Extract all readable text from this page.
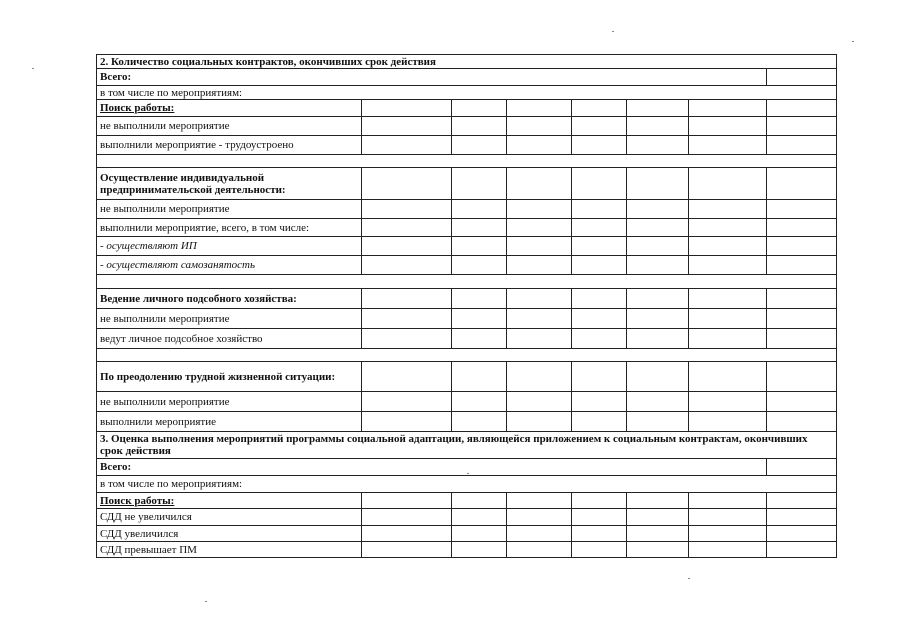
2. Количество социальных контрактов, окончивших срок действия							
Всего:							
в том числе по мероприятиям:							
Поиск работы:							
не выполнили мероприятие							
выполнили мероприятие - трудоустроено							

Осуществление индивидуальной предпринимательской деятельности:							
не выполнили мероприятие							
выполнили мероприятие, всего, в том числе:							
- осуществляют ИП							
- осуществляют самозанятость							

Ведение личного подсобного хозяйства:							
не выполнили мероприятие							
ведут личное подсобное хозяйство							

По преодолению трудной жизненной ситуации:							
не выполнили мероприятие							
выполнили мероприятие							
3. Оценка выполнения мероприятий программы социальной адаптации, являющейся приложением к социальным контрактам, окончивших срок действия							
Всего:							
в том числе по мероприятиям:							
Поиск работы:							
СДД не увеличился							
СДД увеличился							
СДД превышает ПМ							
